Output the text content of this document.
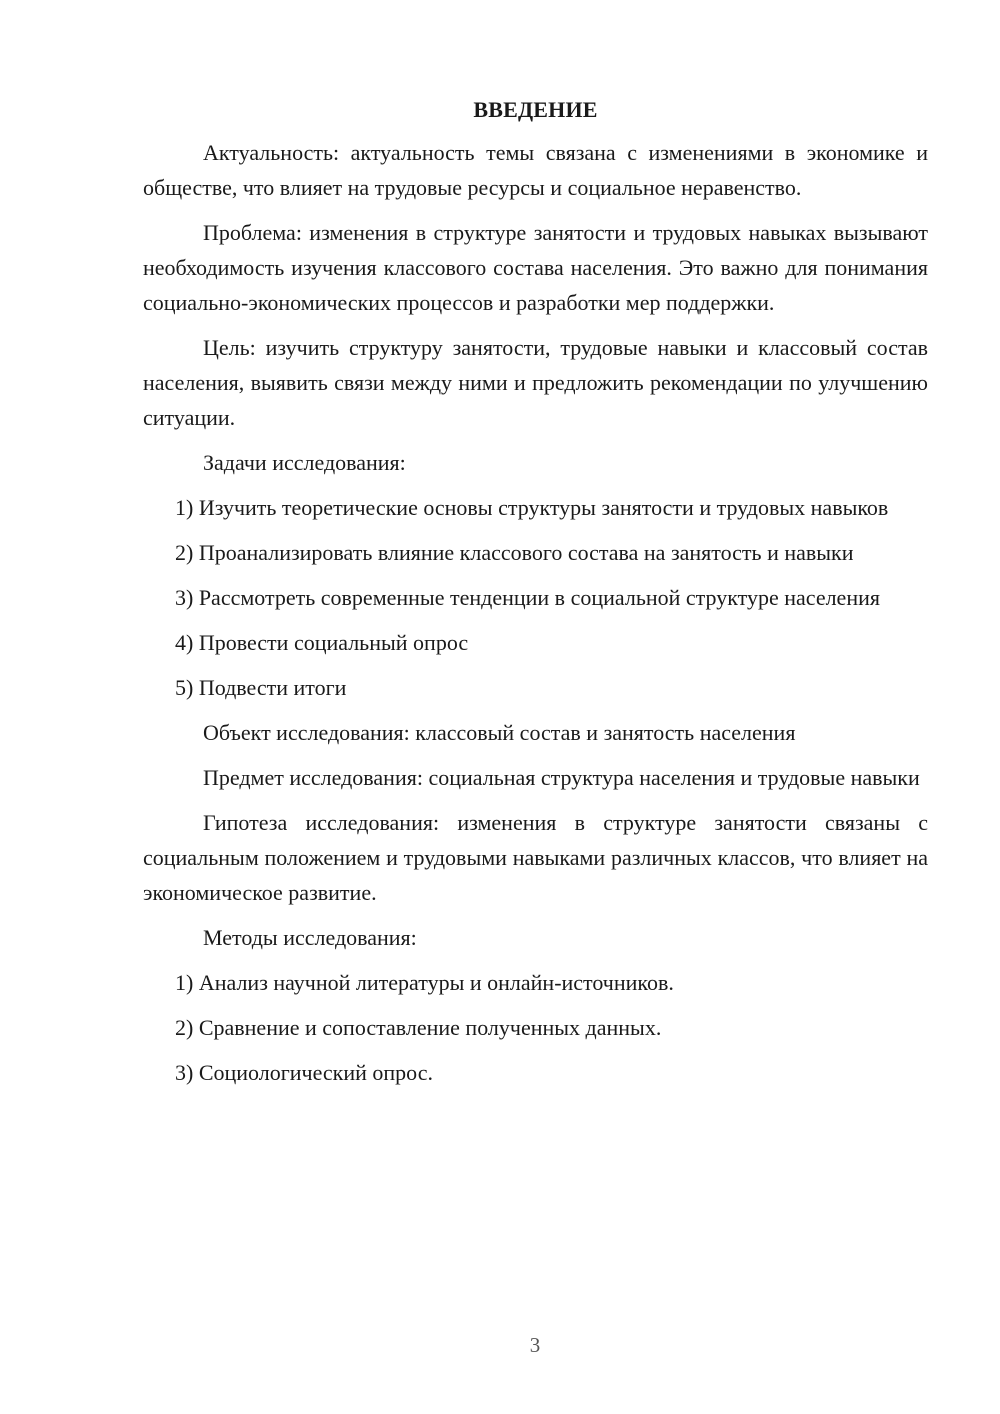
ВВЕДЕНИЕ

Актуальность: актуальность темы связана с изменениями в экономике и обществе, что влияет на трудовые ресурсы и социальное неравенство.

Проблема: изменения в структуре занятости и трудовых навыках вызывают необходимость изучения классового состава населения. Это важно для понимания социально-экономических процессов и разработки мер поддержки.

Цель: изучить структуру занятости, трудовые навыки и классовый состав населения, выявить связи между ними и предложить рекомендации по улучшению ситуации.

Задачи исследования:

1) Изучить теоретические основы структуры занятости и трудовых навыков

2) Проанализировать влияние классового состава на занятость и навыки

3) Рассмотреть современные тенденции в социальной структуре населения

4) Провести социальный опрос

5) Подвести итоги

Объект исследования: классовый состав и занятость населения

Предмет исследования: социальная структура населения и трудовые навыки

Гипотеза исследования: изменения в структуре занятости связаны с социальным положением и трудовыми навыками различных классов, что влияет на экономическое развитие.

Методы исследования:

1) Анализ научной литературы и онлайн-источников.

2) Сравнение и сопоставление полученных данных.

3) Социологический опрос.

3
